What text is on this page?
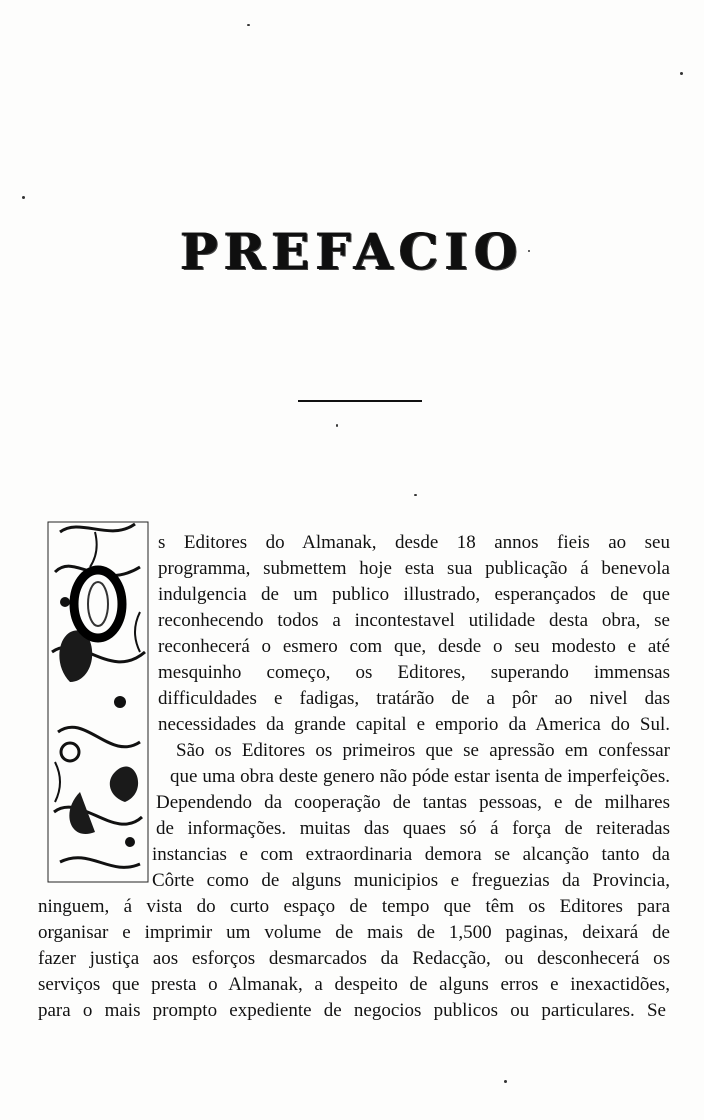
PREFACIO
s Editores do Almanak, desde 18 annos fieis ao seu
programma, submettem hoje esta sua publicação á benevola
indulgencia de um publico illustrado, esperançados de que
reconhecendo todos a incontestavel utilidade desta obra, se
reconhecerá o esmero com que, desde o seu modesto e até
mesquinho começo, os Editores, superando immensas
difficuldades e fadigas, tratárão de a pôr ao nivel das
necessidades da grande capital e emporio da America do Sul.
São os Editores os primeiros que se apressão em confessar
que uma obra deste genero não póde estar isenta de imperfeições.
Dependendo da cooperação de tantas pessoas, e de milhares
de informações. muitas das quaes só á força de reiteradas
instancias e com extraordinaria demora se alcanção tanto da
Côrte como de alguns municipios e freguezias da Provincia,
ninguem, á vista do curto espaço de tempo que têm os Editores para
organisar e imprimir um volume de mais de 1,500 paginas, deixará de
fazer justiça aos esforços desmarcados da Redacção, ou desconhecerá os
serviços que presta o Almanak, a despeito de alguns erros e inexactidões,
para o mais prompto expediente de negocios publicos ou particulares. Se
